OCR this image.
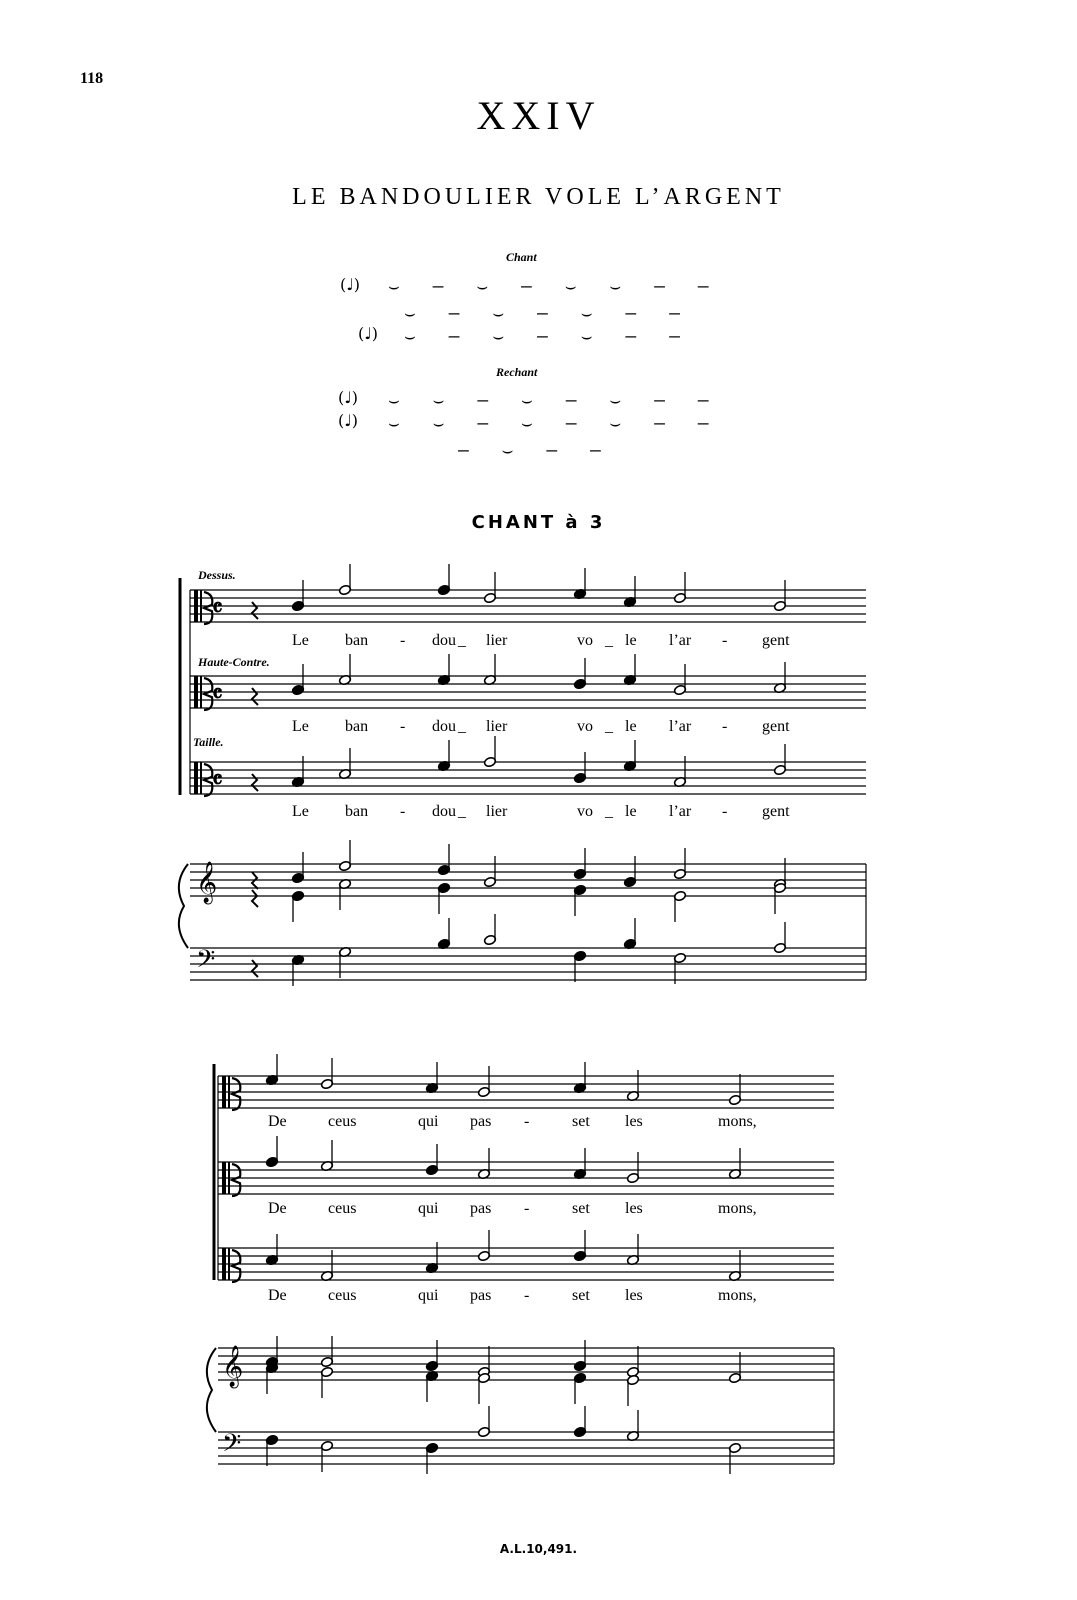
118
XXIV
LE BANDOULIER VOLE L’ARGENT
Chant
(♩) ⌣ – ⌣ – ⌣ ⌣ – –
⌣ – ⌣ – ⌣ – –
(♩) ⌣ – ⌣ – ⌣ – –
Rechant
(♩) ⌣ ⌣ – ⌣ – ⌣ – –
(♩) ⌣ ⌣ – ⌣ – ⌣ – –
– ⌣ – –
CHANT à 3
Dessus.
Haute-Contre.
Taille.
Le ban - dou _ lier	vo _ le l’ar - gent
Le ban - dou _ lier	vo _ le l’ar - gent
Le ban - dou _ lier	vo _ le l’ar - gent
De	ceus	qui pas -	set les	mons,
De	ceus	qui pas -	set les	mons,
De	ceus	qui pas -	set les	mons,
A.L.10,491.
𝄴
𝄴
𝄴
𝄞
𝄢
𝄞
𝄢
